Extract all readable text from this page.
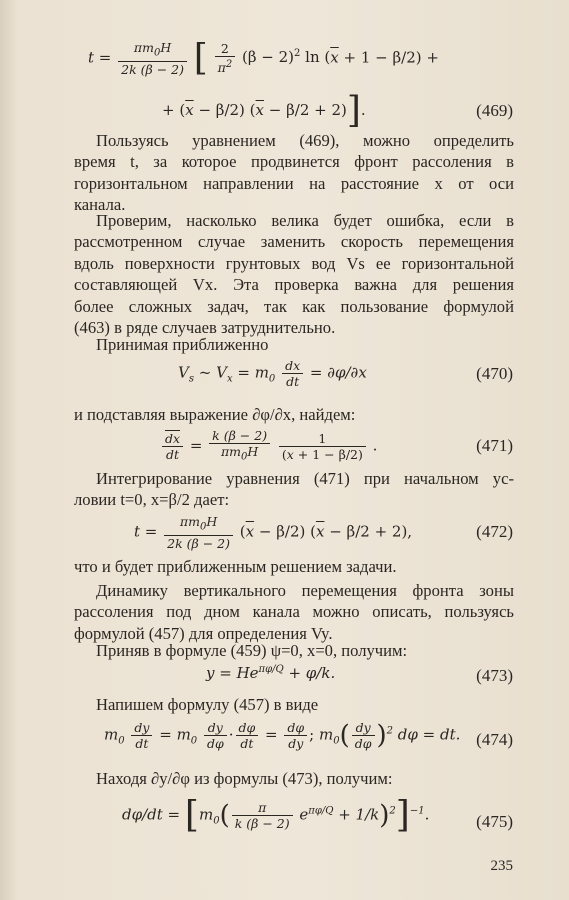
$t = \frac{\pi m_0H}{2k (\beta - 2)}$ [ $\frac{2}{\pi^2} (\beta - 2)^2$ $\ln (\overline{x} + 1 - \beta/2)$ +
+ $(\overline{x} - \beta/2) (\overline{x} - \beta/2 + 2)$].	(469)
Пользуясь уравнением (469), можно определить
время t, за которое продвинется фронт рассоления в
горизонтальном направлении на расстояние x от оси
канала.
Проверим, насколько велика будет ошибка, если в
рассмотренном случае заменить скорость перемещения
вдоль поверхности грунтовых вод Vs ее горизонтальной
составляющей Vx. Эта проверка важна для решения
более сложных задач, так как пользование формулой
(463) в ряде случаев затруднительно.
Принимая приближенно
$V_s$ ~ $V_x = m_0 \frac{dx}{dt} = \partial\varphi/\partial x$	(470)
и подставляя выражение ∂φ/∂x, найдем:
$\frac{\overline{dx}}{dt} = \frac{k (\beta - 2)}{\pi m_0H}$
$\frac{1}{(\overline{x} + 1 - \beta/2)}$ .	(471)
Интегрирование уравнения (471) при начальном ус-
ловии t=0, x=β/2 дает:
$t = \frac{\pi m_0H}{2k (\beta - 2)} (\overline{x} - \beta/2) (\overline{x} - \beta/2 + 2)$,	(472)
что и будет приближенным решением задачи.
Динамику вертикального перемещения фронта зоны
рассоления под дном канала можно описать, пользуясь
формулой (457) для определения Vy.
Приняв в формуле (459) ψ=0, x=0, получим:
$y = He^{\pi\varphi/Q} + \varphi/k$.	(473)
Напишем формулу (457) в виде
$m_0 \frac{dy}{dt} = m_0 \frac{dy}{d\varphi} \cdot \frac{d\varphi}{dt} = \frac{d\varphi}{dy}$ ; $m_0( \frac{dy}{d\varphi} )^2$ dφ = dt. (474)
Находя ∂y/∂φ из формулы (473), получим:
$d\varphi/dt = [m_0( \frac{\pi}{k (\beta - 2)} e^{\pi\varphi/Q} + 1/k)^2]^{-1}$.	(475)
235
